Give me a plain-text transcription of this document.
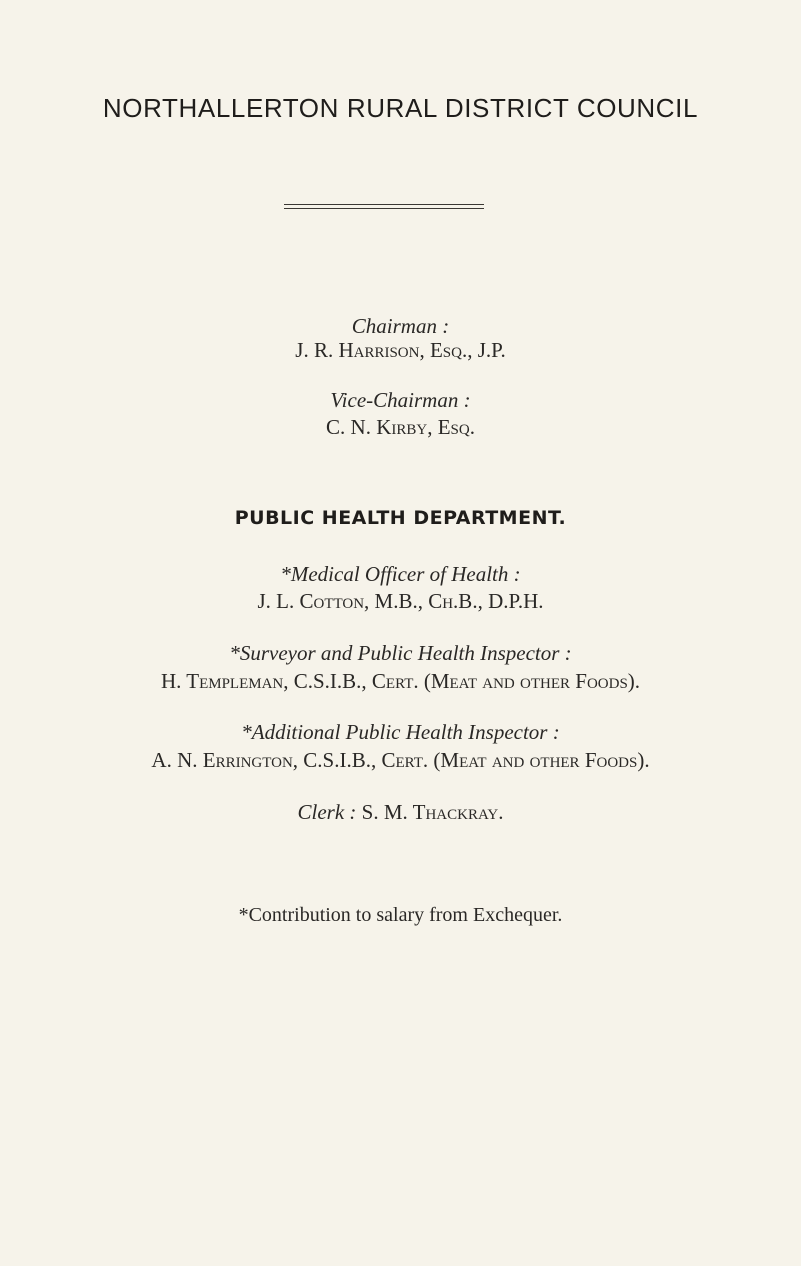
NORTHALLERTON RURAL DISTRICT COUNCIL
Chairman :
J. R. Harrison, Esq., J.P.
Vice-Chairman :
C. N. Kirby, Esq.
PUBLIC HEALTH DEPARTMENT.
*Medical Officer of Health :
J. L. Cotton, M.B., Ch.B., D.P.H.
*Surveyor and Public Health Inspector :
H. Templeman, C.S.I.B., Cert. (Meat and other Foods).
*Additional Public Health Inspector :
A. N. Errington, C.S.I.B., Cert. (Meat and other Foods).
Clerk : S. M. Thackray.
*Contribution to salary from Exchequer.
